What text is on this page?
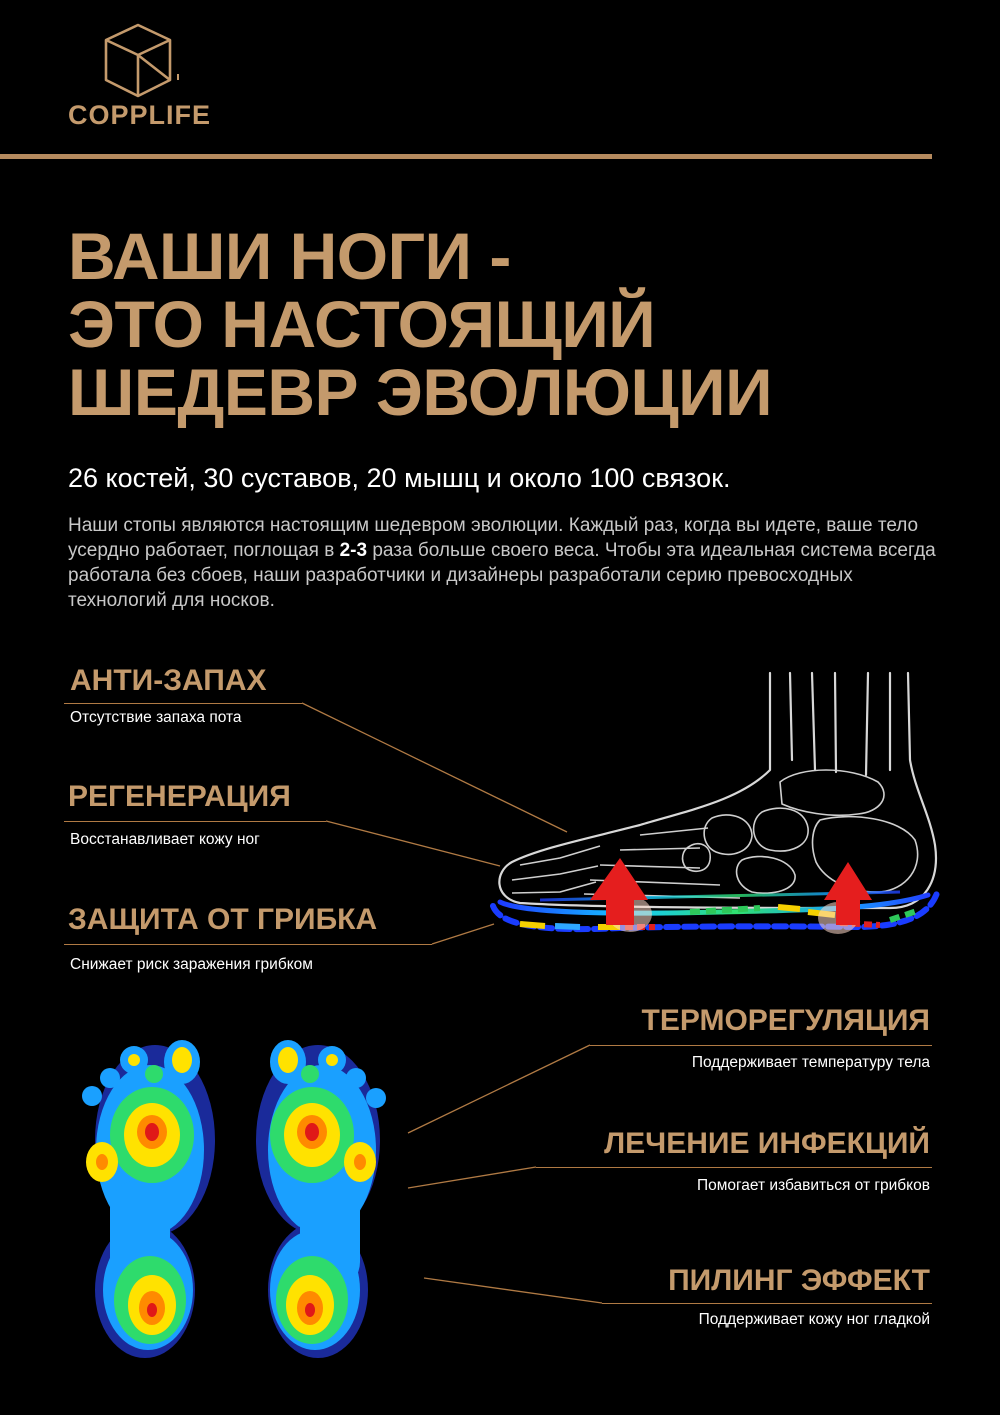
COPPLIFE
ВАШИ НОГИ -
ЭТО НАСТОЯЩИЙ
ШЕДЕВР ЭВОЛЮЦИИ
26 костей, 30 суставов, 20 мышц и около 100 связок.
Наши стопы являются настоящим шедевром эволюции. Каждый раз, когда вы идете, ваше тело усердно работает, поглощая в 2-3 раза больше своего веса. Чтобы эта идеальная система всегда работала без сбоев, наши разработчики и дизайнеры разработали серию превосходных технологий для носков.
АНТИ-ЗАПАХ
Отсутствие запаха пота
РЕГЕНЕРАЦИЯ
Восстанавливает кожу ног
ЗАЩИТА ОТ ГРИБКА
Снижает риск заражения грибком
ТЕРМОРЕГУЛЯЦИЯ
Поддерживает температуру тела
ЛЕЧЕНИЕ ИНФЕКЦИЙ
Помогает избавиться от грибков
ПИЛИНГ ЭФФЕКТ
Поддерживает кожу ног гладкой
